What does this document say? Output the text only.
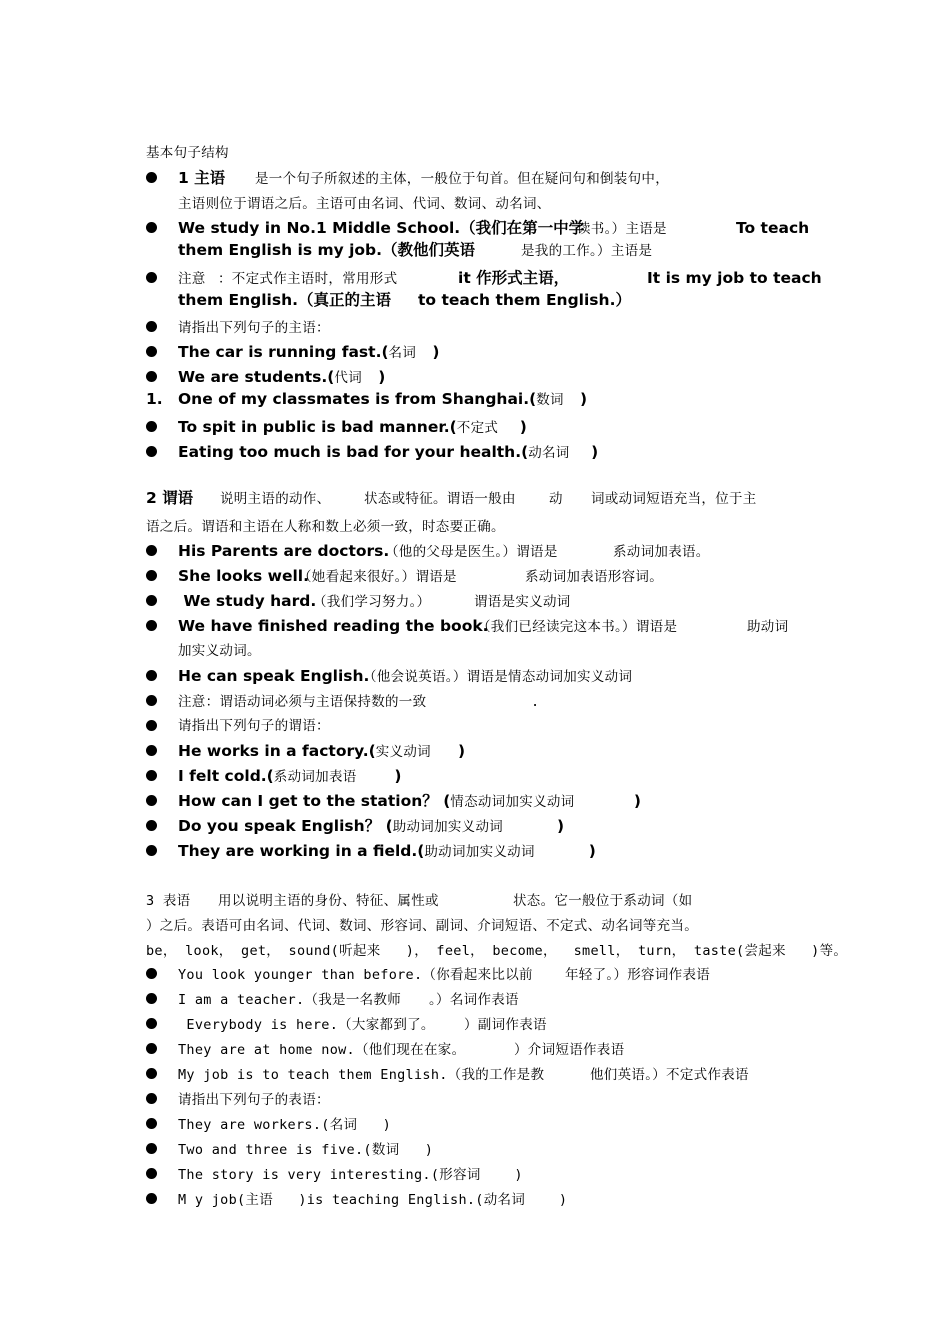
基本句子结构
1 主语 是一个句子所叙述的主体，一般位于句首。但在疑问句和倒装句中，
主语则位于谓语之后。主语可由名词、代词、数词、动名词、
We study in No.1 Middle School.（我们在第一中学
读书。）主语是	To teach
them English is my job.（教他们英语	是我的工作。）主语是
注意 ：不定式作主语时，常用形式	it 作形式主语，	It is my job to teach
them English.（真正的主语 to teach them English.）
请指出下列句子的主语：
The car is running fast.(名词   )
We are students.(代词   )
1. One of my classmates is from Shanghai.(数词   )
To spit in public is bad manner.(不定式    )
Eating too much is bad for your health.(动名词    )
2 谓语 说明主语的动作、 状态或特征。谓语一般由 动 词或动词短语充当，位于主
语之后。谓语和主语在人称和数上必须一致，时态要正确。
His Parents are doctors.
（他的父母是医生。）谓语是	系动词加表语。
She looks well.
（她看起来很好。）谓语是	系动词加表语形容词。
We study hard.
（我们学习努力。）	谓语是实义动词
We have finished reading the book.
（我们已经读完这本书。）谓语是	助动词
加实义动词。
He can speak English.
（他会说英语。）谓语是情态动词加实义动词
注意：谓语动词必须与主语保持数的一致	.
请指出下列句子的谓语：
He works in a factory.(实义动词     )
I felt cold.(系动词加表语       )
How can I get to the station？ (情态动词加实义动词           )
Do you speak English？ (助动词加实义动词          )
They are working in a field.(助动词加实义动词          )
3 表语 用以说明主语的身份、特征、属性或	状态。它一般位于系动词（如
）之后。表语可由名词、代词、数词、形容词、副词、介词短语、不定式、动名词等充当。
be， look， get， sound(听起来   )， feel， become，  smell， turn， taste(尝起来   )等。
You look younger than before.（你看起来比以前 年轻了。）形容词作表语
I am a teacher.（我是一名教师 。）名词作表语
Everybody is here.（大家都到了。 ）副词作表语
They are at home now.（他们现在在家。	）介词短语作表语
My job is to teach them English.（我的工作是教	他们英语。）不定式作表语
请指出下列句子的表语：
They are workers.(名词   )
Two and three is five.(数词   )
The story is very interesting.(形容词    )
M y job(主语   )is teaching English.(动名词    )
